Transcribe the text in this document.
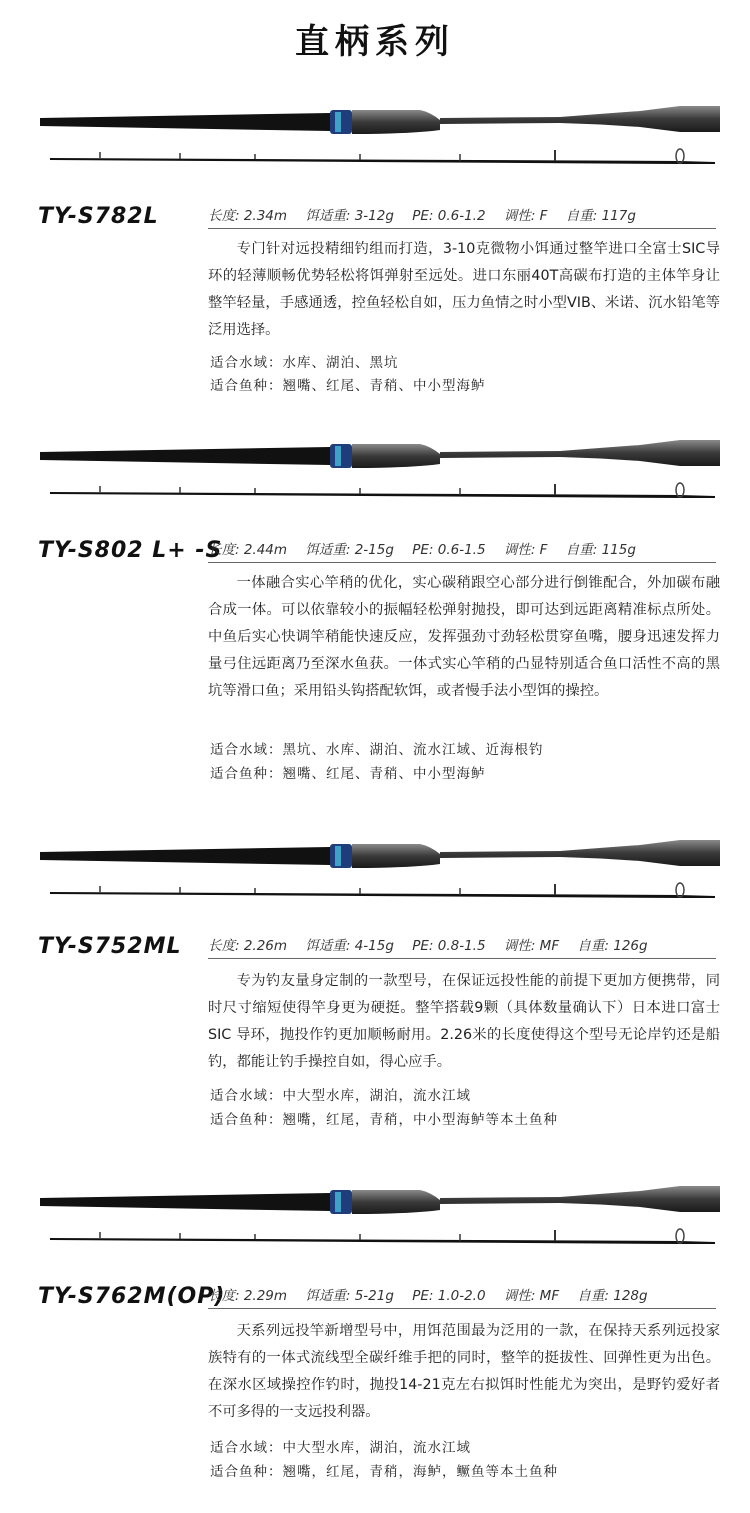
直柄系列
TY-S782L	长度: 2.34m 饵适重: 3-12g PE: 0.6-1.2 调性: F 自重: 117g
专门针对远投精细钓组而打造，3-10克微物小饵通过整竿进口全富士SIC导环的轻薄顺畅优势轻松将饵弹射至远处。进口东丽40T高碳布打造的主体竿身让整竿轻量，手感通透，控鱼轻松自如，压力鱼情之时小型VIB、米诺、沉水铅笔等泛用选择。
适合水域：水库、湖泊、黑坑
适合鱼种：翘嘴、红尾、青稍、中小型海鲈
TY-S802 L+ -S
长度: 2.44m 饵适重: 2-15g PE: 0.6-1.5 调性: F 自重: 115g
一体融合实心竿稍的优化，实心碳稍跟空心部分进行倒锥配合，外加碳布融合成一体。可以依靠较小的振幅轻松弹射抛投，即可达到远距离精准标点所处。中鱼后实心快调竿稍能快速反应，发挥强劲寸劲轻松贯穿鱼嘴，腰身迅速发挥力量弓住远距离乃至深水鱼获。一体式实心竿稍的凸显特别适合鱼口活性不高的黑坑等滑口鱼；采用铅头钩搭配软饵，或者慢手法小型饵的操控。
适合水域：黑坑、水库、湖泊、流水江域、近海根钓
适合鱼种：翘嘴、红尾、青稍、中小型海鲈
TY-S752ML 长度: 2.26m 饵适重: 4-15g PE: 0.8-1.5 调性: MF 自重: 126g
专为钓友量身定制的一款型号，在保证远投性能的前提下更加方便携带，同时尺寸缩短使得竿身更为硬挺。整竿搭载9颗（具体数量确认下）日本进口富士SIC 导环，抛投作钓更加顺畅耐用。2.26米的长度使得这个型号无论岸钓还是船钓，都能让钓手操控自如，得心应手。
适合水域：中大型水库，湖泊，流水江域
适合鱼种：翘嘴，红尾，青稍，中小型海鲈等本土鱼种
TY-S762M(OP)
长度: 2.29m 饵适重: 5-21g PE: 1.0-2.0 调性: MF 自重: 128g
天系列远投竿新增型号中，用饵范围最为泛用的一款，在保持天系列远投家族特有的一体式流线型全碳纤维手把的同时，整竿的挺拔性、回弹性更为出色。在深水区域操控作钓时，抛投14-21克左右拟饵时性能尤为突出，是野钓爱好者不可多得的一支远投利器。
适合水域：中大型水库，湖泊，流水江域
适合鱼种：翘嘴，红尾，青稍，海鲈，鳜鱼等本土鱼种
